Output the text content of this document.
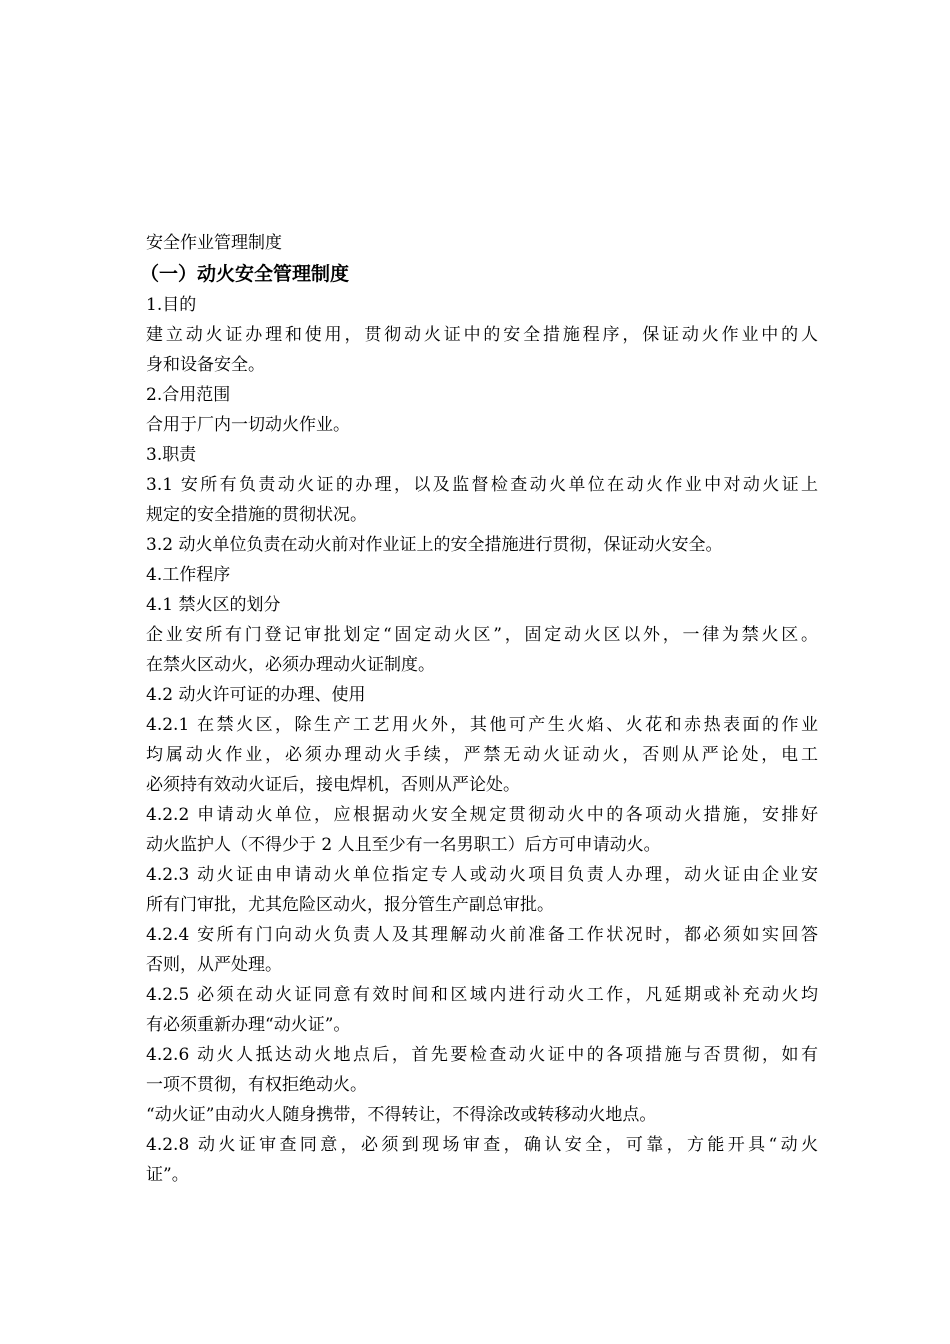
安全作业管理制度
（一）动火安全管理制度
1.目的
建立动火证办理和使用，贯彻动火证中的安全措施程序，保证动火作业中的人
身和设备安全。
2.合用范围
合用于厂内一切动火作业。
3.职责
3.1 安所有负责动火证的办理，以及监督检查动火单位在动火作业中对动火证上
规定的安全措施的贯彻状况。
3.2 动火单位负责在动火前对作业证上的安全措施进行贯彻，保证动火安全。
4.工作程序
4.1 禁火区的划分
企业安所有门登记审批划定“固定动火区”，固定动火区以外，一律为禁火区。
在禁火区动火，必须办理动火证制度。
4.2 动火许可证的办理、使用
4.2.1 在禁火区，除生产工艺用火外，其他可产生火焰、火花和赤热表面的作业
均属动火作业，必须办理动火手续，严禁无动火证动火，否则从严论处，电工
必须持有效动火证后，接电焊机，否则从严论处。
4.2.2 申请动火单位，应根据动火安全规定贯彻动火中的各项动火措施，安排好
动火监护人（不得少于 2 人且至少有一名男职工）后方可申请动火。
4.2.3 动火证由申请动火单位指定专人或动火项目负责人办理，动火证由企业安
所有门审批，尤其危险区动火，报分管生产副总审批。
4.2.4 安所有门向动火负责人及其理解动火前准备工作状况时，都必须如实回答
否则，从严处理。
4.2.5 必须在动火证同意有效时间和区域内进行动火工作，凡延期或补充动火均
有必须重新办理“动火证”。
4.2.6 动火人抵达动火地点后，首先要检查动火证中的各项措施与否贯彻，如有
一项不贯彻，有权拒绝动火。
“动火证”由动火人随身携带，不得转让，不得涂改或转移动火地点。
4.2.8 动火证审查同意，必须到现场审查，确认安全，可靠，方能开具“动火
证”。
